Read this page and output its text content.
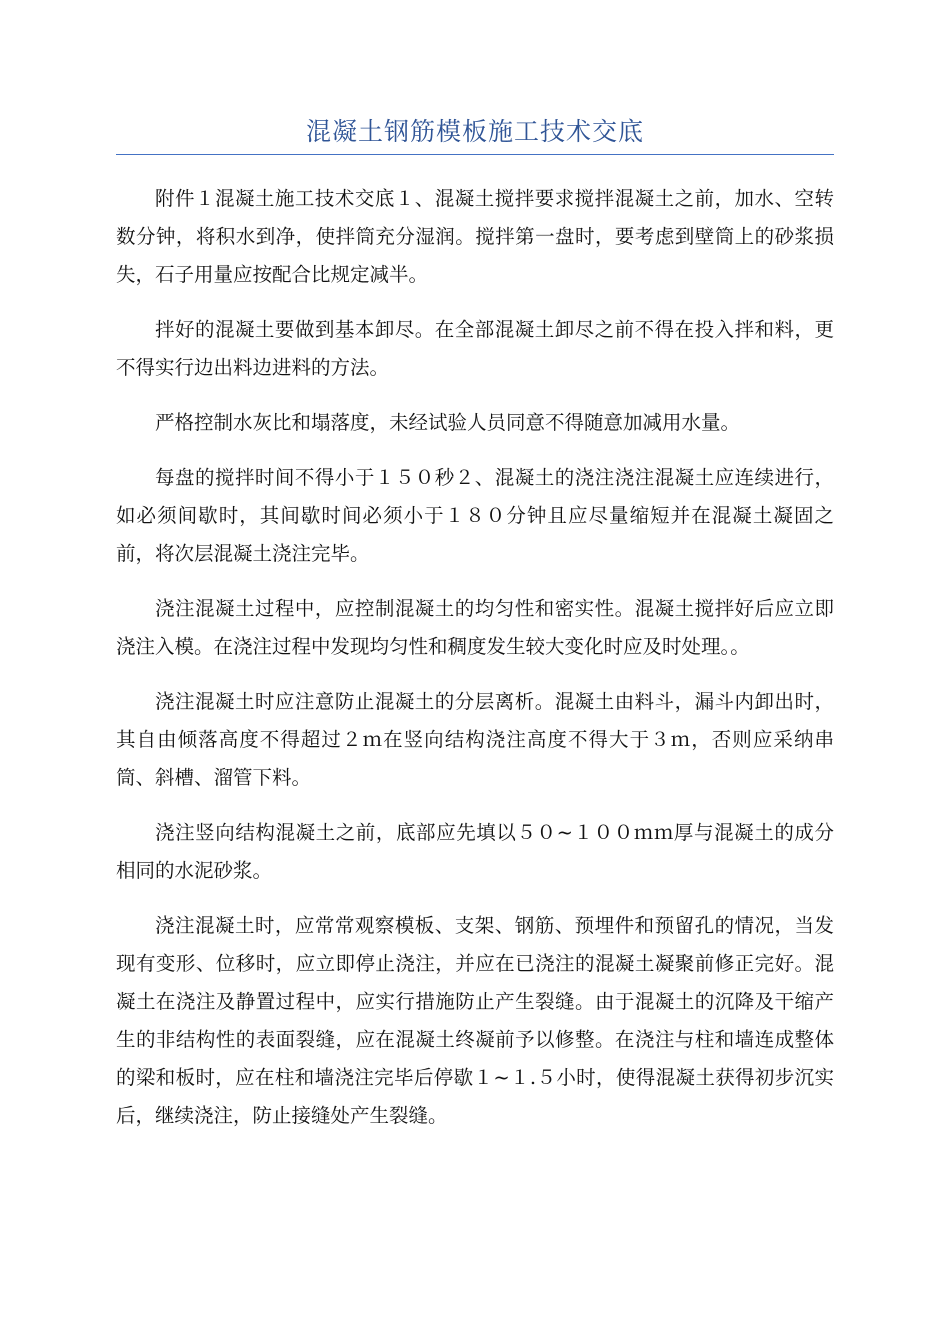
混凝土钢筋模板施工技术交底

附件１混凝土施工技术交底１、混凝土搅拌要求搅拌混凝土之前，加水、空转数分钟，将积水到净，使拌筒充分湿润。搅拌第一盘时，要考虑到壁筒上的砂浆损失，石子用量应按配合比规定减半。

拌好的混凝土要做到基本卸尽。在全部混凝土卸尽之前不得在投入拌和料，更不得实行边出料边进料的方法。

严格控制水灰比和塌落度，未经试验人员同意不得随意加减用水量。

每盘的搅拌时间不得小于１５０秒２、混凝土的浇注浇注混凝土应连续进行，如必须间歇时，其间歇时间必须小于１８０分钟且应尽量缩短并在混凝土凝固之前，将次层混凝土浇注完毕。

浇注混凝土过程中，应控制混凝土的均匀性和密实性。混凝土搅拌好后应立即浇注入模。在浇注过程中发现均匀性和稠度发生较大变化时应及时处理。。

浇注混凝土时应注意防止混凝土的分层离析。混凝土由料斗，漏斗内卸出时，其自由倾落高度不得超过２ｍ在竖向结构浇注高度不得大于３ｍ，否则应采纳串筒、斜槽、溜管下料。

浇注竖向结构混凝土之前，底部应先填以５０~１００ｍｍ厚与混凝土的成分相同的水泥砂浆。

浇注混凝土时，应常常观察模板、支架、钢筋、预埋件和预留孔的情况，当发现有变形、位移时，应立即停止浇注，并应在已浇注的混凝土凝聚前修正完好。混凝土在浇注及静置过程中，应实行措施防止产生裂缝。由于混凝土的沉降及干缩产生的非结构性的表面裂缝，应在混凝土终凝前予以修整。在浇注与柱和墙连成整体的梁和板时，应在柱和墙浇注完毕后停歇１~１.５小时，使得混凝土获得初步沉实后，继续浇注，防止接缝处产生裂缝。
